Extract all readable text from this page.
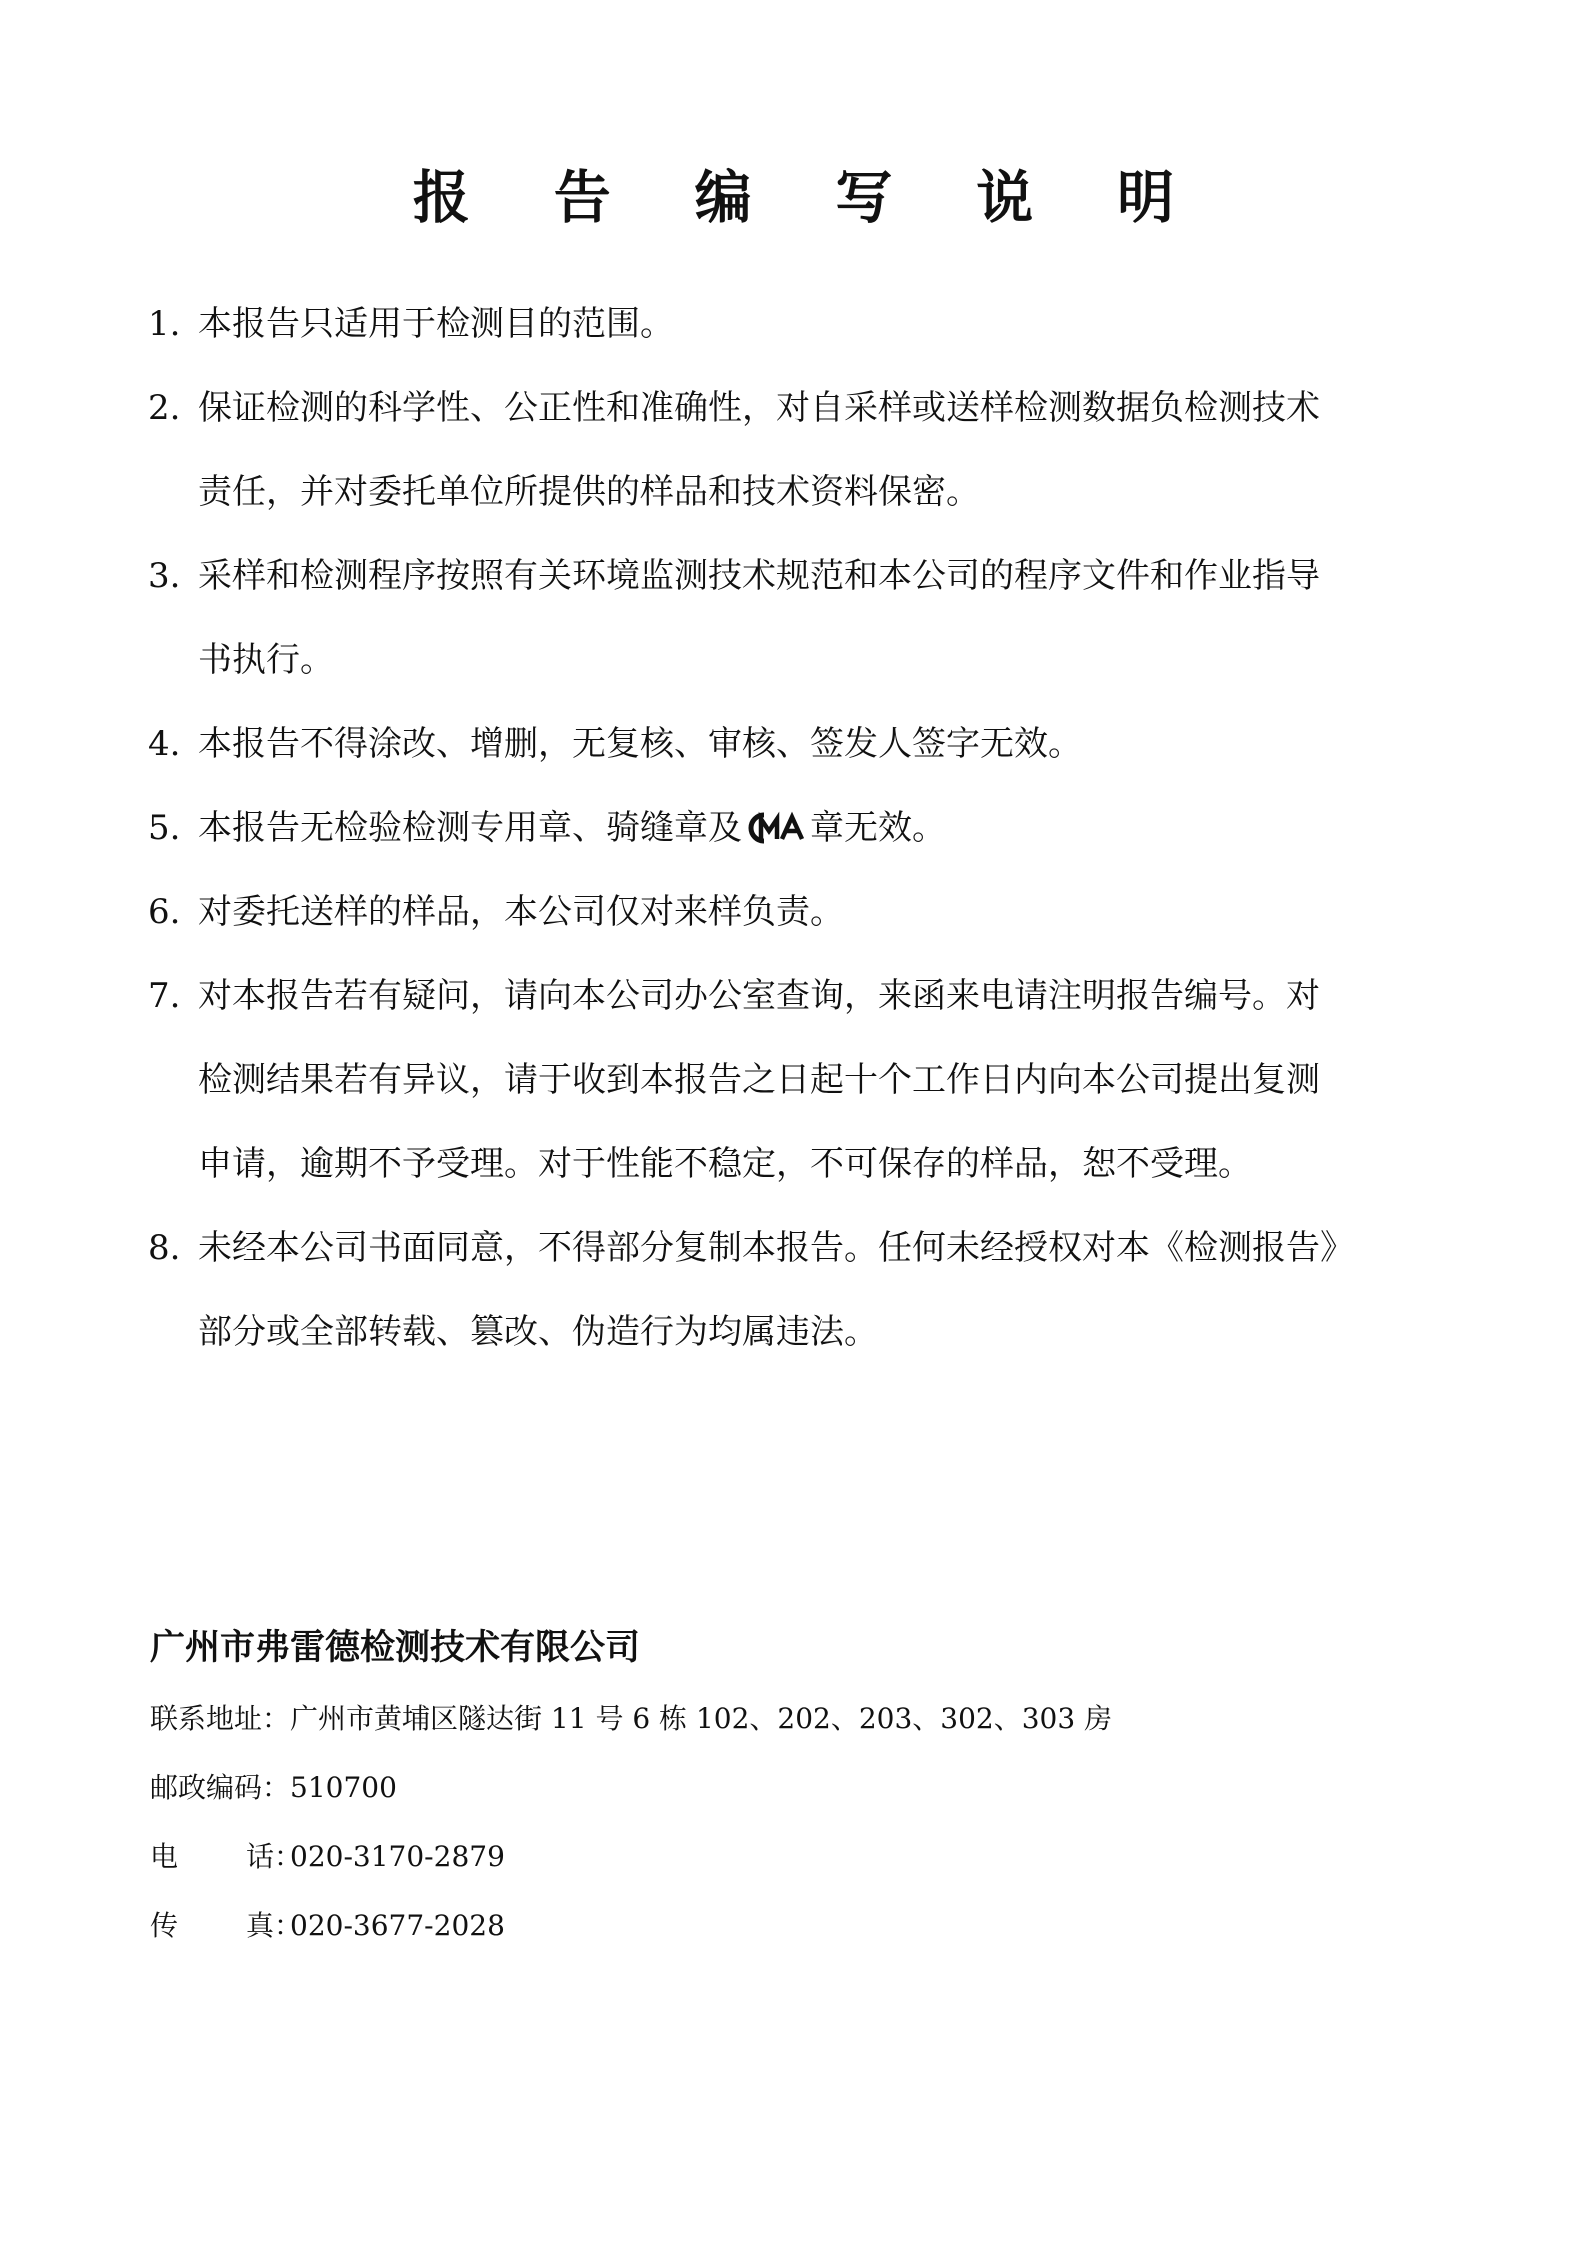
报 告 编 写 说 明
1. 本报告只适用于检测目的范围。
2. 保证检测的科学性、公正性和准确性，对自采样或送样检测数据负检测技术
责任，并对委托单位所提供的样品和技术资料保密。
3. 采样和检测程序按照有关环境监测技术规范和本公司的程序文件和作业指导
书执行。
4. 本报告不得涂改、增删，无复核、审核、签发人签字无效。
5. 本报告无检验检测专用章、骑缝章及 章无效。
6. 对委托送样的样品，本公司仅对来样负责。
7. 对本报告若有疑问，请向本公司办公室查询，来函来电请注明报告编号。对
检测结果若有异议，请于收到本报告之日起十个工作日内向本公司提出复测
申请，逾期不予受理。对于性能不稳定，不可保存的样品，恕不受理。
8. 未经本公司书面同意，不得部分复制本报告。任何未经授权对本《检测报告》
部分或全部转载、篡改、伪造行为均属违法。
广州市弗雷德检测技术有限公司
联系地址：广州市黄埔区隧达街 11 号 6 栋 102、202、203、302、303 房
邮政编码：510700
电 话：020-3170-2879
传 真：020-3677-2028
